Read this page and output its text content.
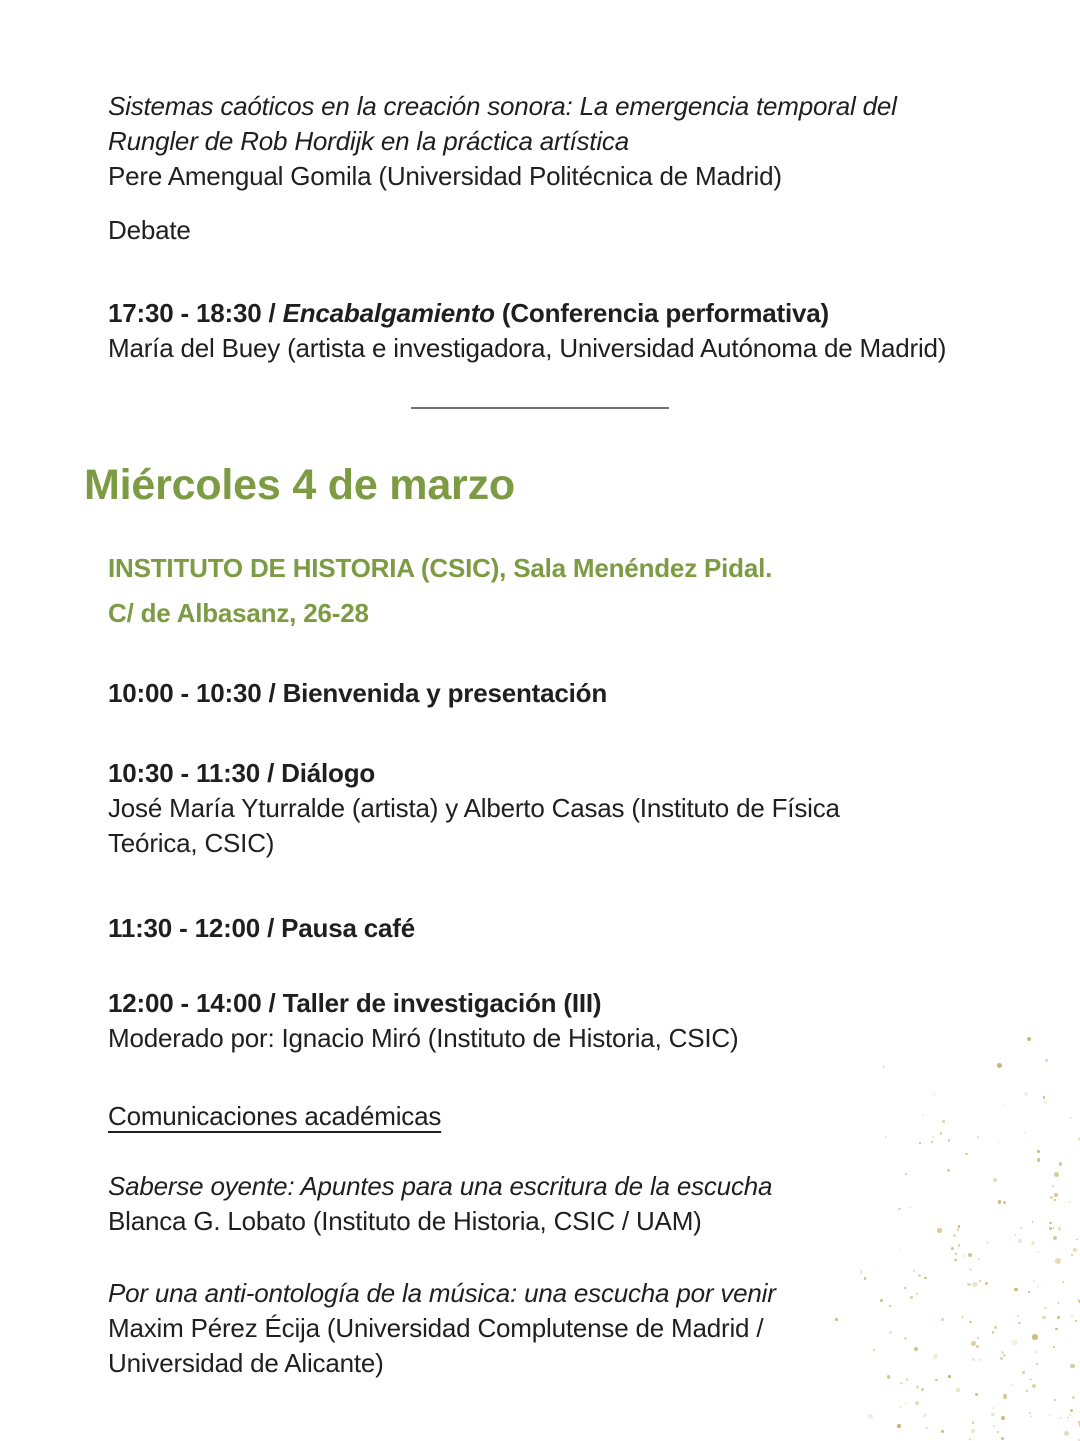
Sistemas caóticos en la creación sonora: La emergencia temporal del
Rungler de Rob Hordijk en la práctica artística
Pere Amengual Gomila (Universidad Politécnica de Madrid)
Debate
17:30 - 18:30 / Encabalgamiento (Conferencia performativa)
María del Buey (artista e investigadora, Universidad Autónoma de Madrid)
Miércoles 4 de marzo
INSTITUTO DE HISTORIA (CSIC), Sala Menéndez Pidal.
C/ de Albasanz, 26-28
10:00 - 10:30 / Bienvenida y presentación
10:30 - 11:30 / Diálogo
José María Yturralde (artista) y Alberto Casas (Instituto de Física
Teórica, CSIC)
11:30 - 12:00 / Pausa café
12:00 - 14:00 / Taller de investigación (III)
Moderado por: Ignacio Miró (Instituto de Historia, CSIC)
Comunicaciones académicas
Saberse oyente: Apuntes para una escritura de la escucha
Blanca G. Lobato (Instituto de Historia, CSIC / UAM)
Por una anti-ontología de la música: una escucha por venir
Maxim Pérez Écija (Universidad Complutense de Madrid /
Universidad de Alicante)
